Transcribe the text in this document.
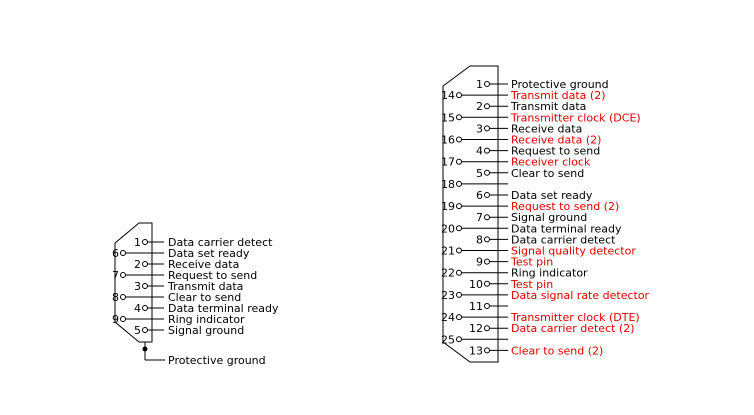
Protective ground
1 Data carrier detect
6	Data set ready
2 Receive data
7	Request to send
3 Transmit data
8	Clear to send
4 Data terminal ready
9	Ring indicator
5 Signal ground
1	Protective ground
14	Transmit data (2)
2	Transmit data
15	Transmitter clock (DCE)
3	Receive data
16	Receive data (2)
4	Request to send
17	Receiver clock
5	Clear to send
18
6	Data set ready
19	Request to send (2)
7	Signal ground
20	Data terminal ready
8	Data carrier detect
21	Signal quality detector
9	Test pin
22	Ring indicator
10	Test pin
23	Data signal rate detector
11
24	Transmitter clock (DTE)
12	Data carrier detect (2)
25
13	Clear to send (2)
